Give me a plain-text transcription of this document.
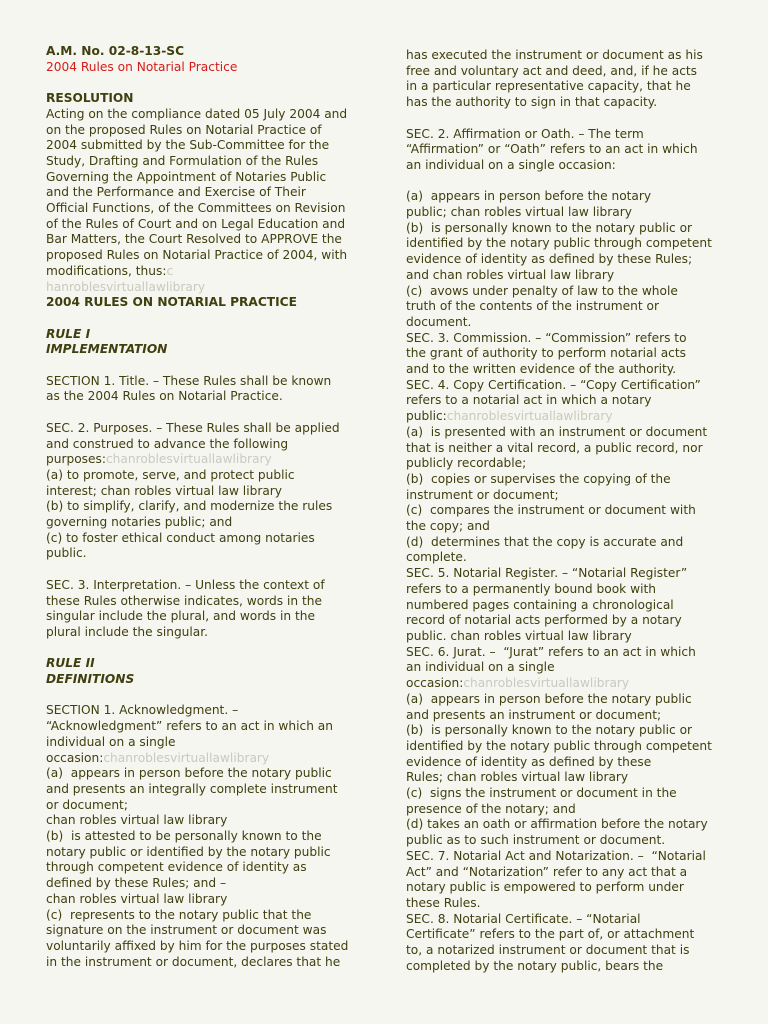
A.M. No. 02-8-13-SC
2004 Rules on Notarial Practice
RESOLUTION
Acting on the compliance dated 05 July 2004 and
on the proposed Rules on Notarial Practice of
2004 submitted by the Sub-Committee for the
Study, Drafting and Formulation of the Rules
Governing the Appointment of Notaries Public
and the Performance and Exercise of Their
Official Functions, of the Committees on Revision
of the Rules of Court and on Legal Education and
Bar Matters, the Court Resolved to APPROVE the
proposed Rules on Notarial Practice of 2004, with
modifications, thus:c
hanroblesvirtuallawlibrary
2004 RULES ON NOTARIAL PRACTICE
RULE I
IMPLEMENTATION
SECTION 1. Title. – These Rules shall be known
as the 2004 Rules on Notarial Practice.
SEC. 2. Purposes. – These Rules shall be applied
and construed to advance the following
purposes:chanroblesvirtuallawlibrary
(a) to promote, serve, and protect public
interest; chan robles virtual law library
(b) to simplify, clarify, and modernize the rules
governing notaries public; and
(c) to foster ethical conduct among notaries
public.
SEC. 3. Interpretation. – Unless the context of
these Rules otherwise indicates, words in the
singular include the plural, and words in the
plural include the singular.
RULE II
DEFINITIONS
SECTION 1. Acknowledgment. –
“Acknowledgment” refers to an act in which an
individual on a single
occasion:chanroblesvirtuallawlibrary
(a)  appears in person before the notary public
and presents an integrally complete instrument
or document;
chan robles virtual law library
(b)  is attested to be personally known to the
notary public or identified by the notary public
through competent evidence of identity as
defined by these Rules; and –
chan robles virtual law library
(c)  represents to the notary public that the
signature on the instrument or document was
voluntarily affixed by him for the purposes stated
in the instrument or document, declares that he
has executed the instrument or document as his
free and voluntary act and deed, and, if he acts
in a particular representative capacity, that he
has the authority to sign in that capacity.
SEC. 2. Affirmation or Oath. – The term
“Affirmation” or “Oath” refers to an act in which
an individual on a single occasion:
(a)  appears in person before the notary
public; chan robles virtual law library
(b)  is personally known to the notary public or
identified by the notary public through competent
evidence of identity as defined by these Rules;
and chan robles virtual law library
(c)  avows under penalty of law to the whole
truth of the contents of the instrument or
document.
SEC. 3. Commission. – “Commission” refers to
the grant of authority to perform notarial acts
and to the written evidence of the authority.
SEC. 4. Copy Certification. – “Copy Certification”
refers to a notarial act in which a notary
public:chanroblesvirtuallawlibrary
(a)  is presented with an instrument or document
that is neither a vital record, a public record, nor
publicly recordable;
(b)  copies or supervises the copying of the
instrument or document;
(c)  compares the instrument or document with
the copy; and
(d)  determines that the copy is accurate and
complete.
SEC. 5. Notarial Register. – “Notarial Register”
refers to a permanently bound book with
numbered pages containing a chronological
record of notarial acts performed by a notary
public. chan robles virtual law library
SEC. 6. Jurat. –  “Jurat” refers to an act in which
an individual on a single
occasion:chanroblesvirtuallawlibrary
(a)  appears in person before the notary public
and presents an instrument or document;
(b)  is personally known to the notary public or
identified by the notary public through competent
evidence of identity as defined by these
Rules; chan robles virtual law library
(c)  signs the instrument or document in the
presence of the notary; and
(d) takes an oath or affirmation before the notary
public as to such instrument or document.
SEC. 7. Notarial Act and Notarization. –  “Notarial
Act” and “Notarization” refer to any act that a
notary public is empowered to perform under
these Rules.
SEC. 8. Notarial Certificate. – “Notarial
Certificate” refers to the part of, or attachment
to, a notarized instrument or document that is
completed by the notary public, bears the
